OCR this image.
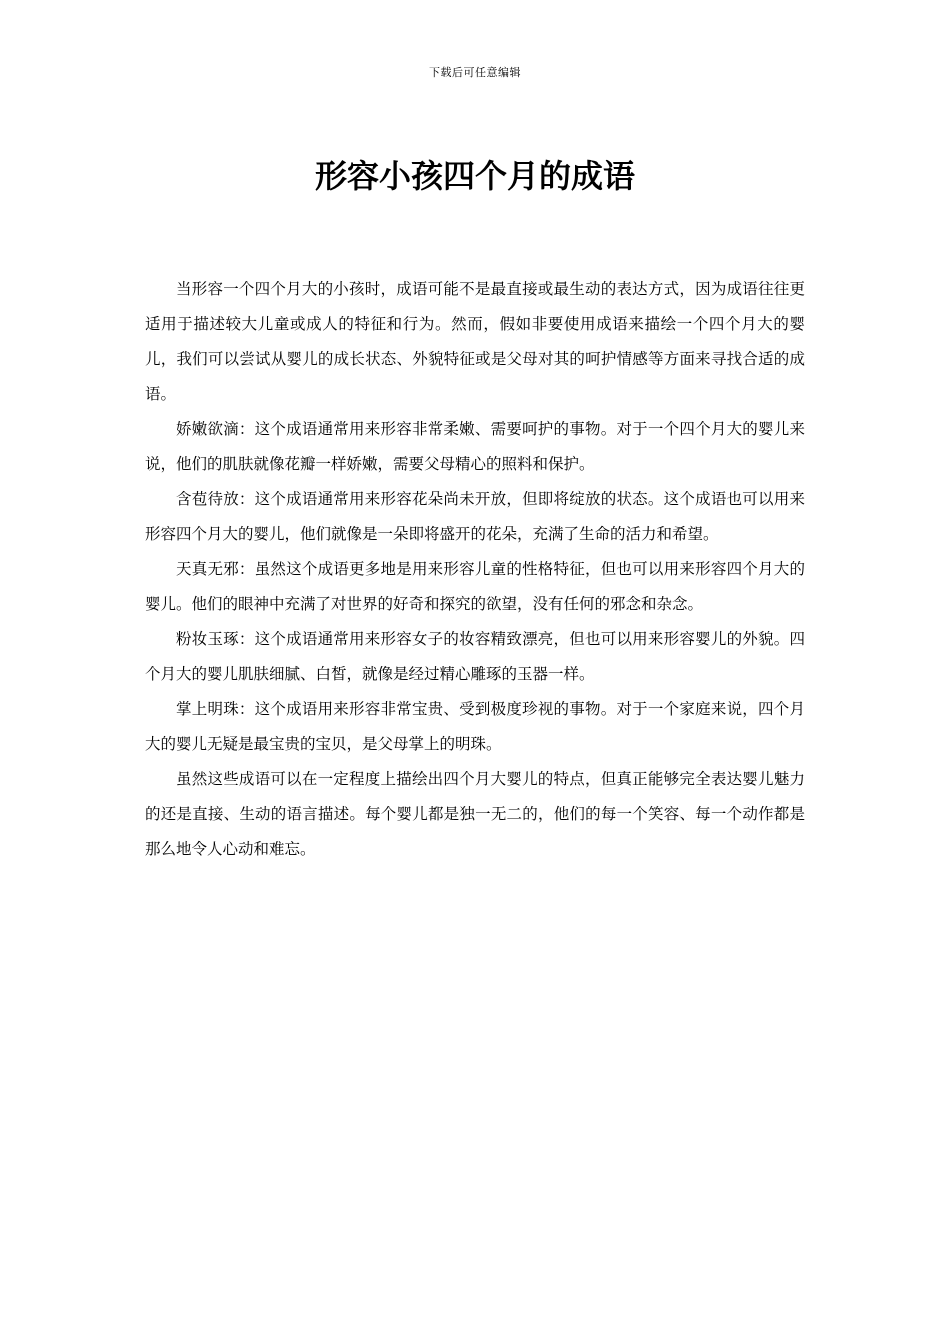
下载后可任意编辑
形容小孩四个月的成语

当形容一个四个月大的小孩时，成语可能不是最直接或最生动的表达方式，因为成语往往更适用于描述较大儿童或成人的特征和行为。然而，假如非要使用成语来描绘一个四个月大的婴儿，我们可以尝试从婴儿的成长状态、外貌特征或是父母对其的呵护情感等方面来寻找合适的成语。

娇嫩欲滴：这个成语通常用来形容非常柔嫩、需要呵护的事物。对于一个四个月大的婴儿来说，他们的肌肤就像花瓣一样娇嫩，需要父母精心的照料和保护。

含苞待放：这个成语通常用来形容花朵尚未开放，但即将绽放的状态。这个成语也可以用来形容四个月大的婴儿，他们就像是一朵即将盛开的花朵，充满了生命的活力和希望。

天真无邪：虽然这个成语更多地是用来形容儿童的性格特征，但也可以用来形容四个月大的婴儿。他们的眼神中充满了对世界的好奇和探究的欲望，没有任何的邪念和杂念。

粉妆玉琢：这个成语通常用来形容女子的妆容精致漂亮，但也可以用来形容婴儿的外貌。四个月大的婴儿肌肤细腻、白皙，就像是经过精心雕琢的玉器一样。

掌上明珠：这个成语用来形容非常宝贵、受到极度珍视的事物。对于一个家庭来说，四个月大的婴儿无疑是最宝贵的宝贝，是父母掌上的明珠。

虽然这些成语可以在一定程度上描绘出四个月大婴儿的特点，但真正能够完全表达婴儿魅力的还是直接、生动的语言描述。每个婴儿都是独一无二的，他们的每一个笑容、每一个动作都是那么地令人心动和难忘。
